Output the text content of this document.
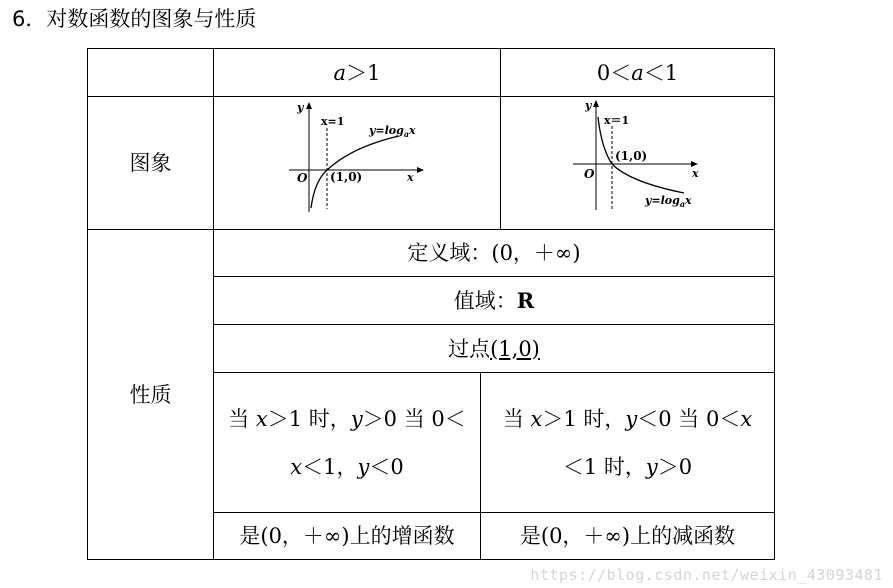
6．对数函数的图象与性质
a＞1	0＜a＜1
图象
y
x
O
x=1
(1,0)
$y=\log_ax$
y
x
O
x＝1
(1,0)
$y=\log_ax$
性质
定义域：(0，＋∞)
值域：R
过点(1,0)
当 x＞1 时，y＞0 当 0＜
x＜1，y＜0
当 x＞1 时，y＜0 当 0＜x
＜1 时，y＞0
是(0，＋∞)上的增函数	是(0，＋∞)上的减函数
https://blog.csdn.net/weixin_43093481
